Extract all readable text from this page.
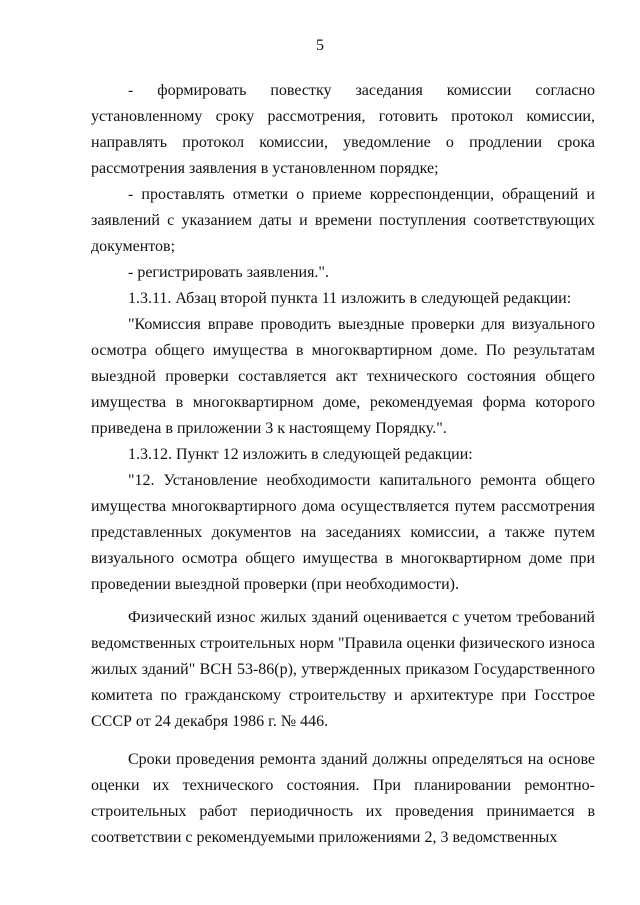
5

- формировать повестку заседания комиссии согласно установленному сроку рассмотрения, готовить протокол комиссии, направлять протокол комиссии, уведомление о продлении срока рассмотрения заявления в установленном порядке;

- проставлять отметки о приеме корреспонденции, обращений и заявлений с указанием даты и времени поступления соответствующих документов;

- регистрировать заявления.".

1.3.11. Абзац второй пункта 11 изложить в следующей редакции:

"Комиссия вправе проводить выездные проверки для визуального осмотра общего имущества в многоквартирном доме. По результатам выездной проверки составляется акт технического состояния общего имущества в многоквартирном доме, рекомендуемая форма которого приведена в приложении 3 к настоящему Порядку.".

1.3.12. Пункт 12 изложить в следующей редакции:

"12. Установление необходимости капитального ремонта общего имущества многоквартирного дома осуществляется путем рассмотрения представленных документов на заседаниях комиссии, а также путем визуального осмотра общего имущества в многоквартирном доме при проведении выездной проверки (при необходимости).

Физический износ жилых зданий оценивается с учетом требований ведомственных строительных норм "Правила оценки физического износа жилых зданий" ВСН 53-86(р), утвержденных приказом Государственного комитета по гражданскому строительству и архитектуре при Госстрое СССР от 24 декабря 1986 г. № 446.

Сроки проведения ремонта зданий должны определяться на основе оценки их технического состояния. При планировании ремонтно-строительных работ периодичность их проведения принимается в соответствии с рекомендуемыми приложениями 2, 3 ведомственных
